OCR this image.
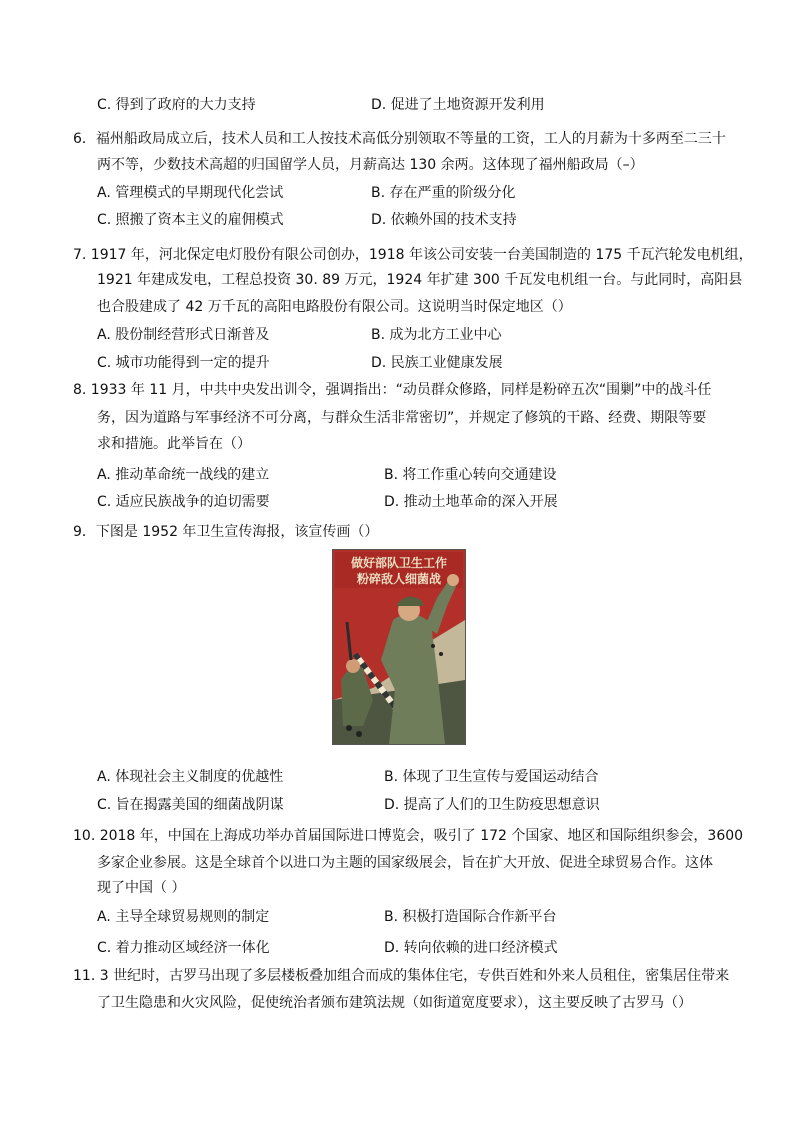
C. 得到了政府的大力支持	D. 促进了土地资源开发利用
6．福州船政局成立后，技术人员和工人按技术高低分别领取不等量的工资，工人的月薪为十多两至二三十
两不等，少数技术高超的归国留学人员，月薪高达 130 余两。这体现了福州船政局（–）
A. 管理模式的早期现代化尝试	B. 存在严重的阶级分化
C. 照搬了资本主义的雇佣模式	D. 依赖外国的技术支持
7. 1917 年，河北保定电灯股份有限公司创办，1918 年该公司安装一台美国制造的 175 千瓦汽轮发电机组，
1921 年建成发电，工程总投资 30. 89 万元，1924 年扩建 300 千瓦发电机组一台。与此同时，高阳县
也合股建成了 42 万千瓦的高阳电路股份有限公司。这说明当时保定地区（）
A. 股份制经营形式日渐普及	B. 成为北方工业中心
C. 城市功能得到一定的提升	D. 民族工业健康发展
8. 1933 年 11 月，中共中央发出训令，强调指出：“动员群众修路，同样是粉碎五次“围剿”中的战斗任
务，因为道路与军事经济不可分离，与群众生活非常密切”，并规定了修筑的干路、经费、期限等要
求和措施。此举旨在（）
A. 推动革命统一战线的建立	B. 将工作重心转向交通建设
C. 适应民族战争的迫切需要	D. 推动土地革命的深入开展
9．下图是 1952 年卫生宣传海报，该宣传画（）
做好部队卫生工作
粉碎敌人细菌战
A. 体现社会主义制度的优越性	B. 体现了卫生宣传与爱国运动结合
C. 旨在揭露美国的细菌战阴谋	D. 提高了人们的卫生防疫思想意识
10. 2018 年，中国在上海成功举办首届国际进口博览会，吸引了 172 个国家、地区和国际组织参会，3600
多家企业参展。这是全球首个以进口为主题的国家级展会，旨在扩大开放、促进全球贸易合作。这体
现了中国（ ）
A. 主导全球贸易规则的制定	B. 积极打造国际合作新平台
C. 着力推动区域经济一体化	D. 转向依赖的进口经济模式
11. 3 世纪时，古罗马出现了多层楼板叠加组合而成的集体住宅，专供百姓和外来人员租住，密集居住带来
了卫生隐患和火灾风险，促使统治者颁布建筑法规（如街道宽度要求），这主要反映了古罗马（）
